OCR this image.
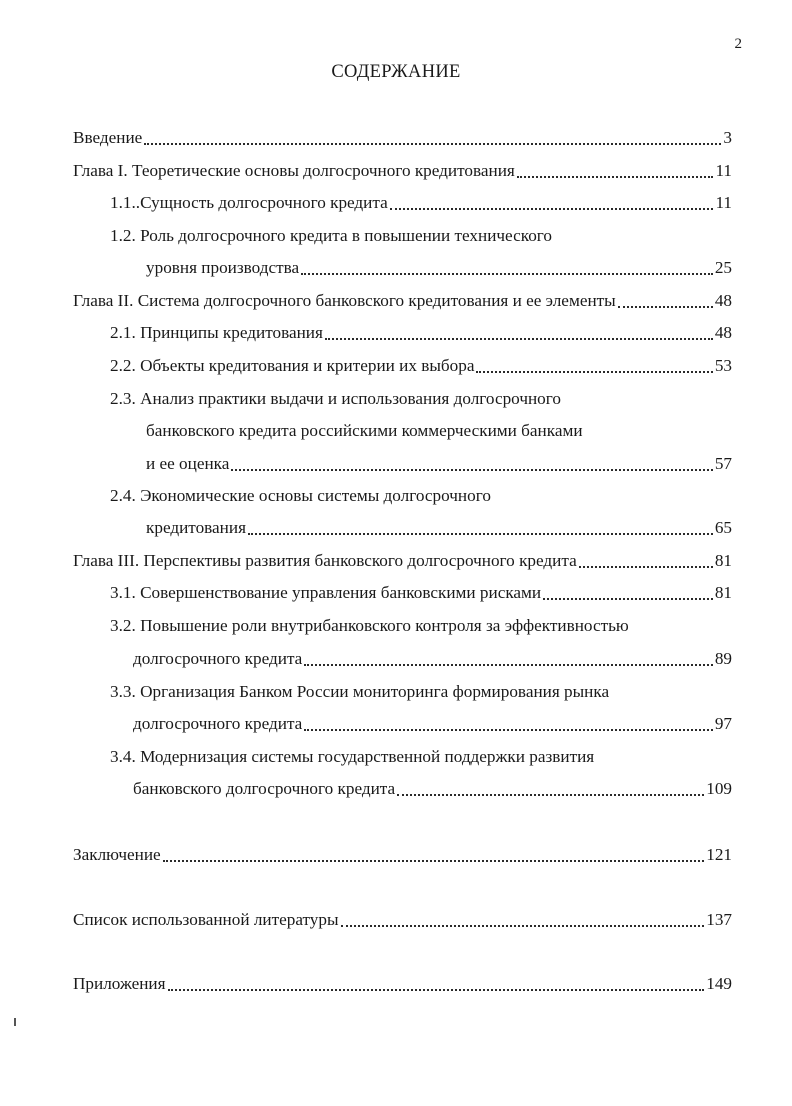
2
СОДЕРЖАНИЕ
Введение	3
Глава I. Теоретические основы долгосрочного кредитования	11
1.1..Сущность долгосрочного кредита	11
1.2. Роль долгосрочного кредита в повышении технического
уровня производства	25
Глава II. Система долгосрочного банковского кредитования и ее элементы	48
2.1. Принципы кредитования	48
2.2. Объекты кредитования и критерии их выбора	53
2.3. Анализ практики выдачи и использования долгосрочного
банковского кредита российскими коммерческими банками
и ее оценка	57
2.4. Экономические основы системы долгосрочного
кредитования	65
Глава III. Перспективы развития банковского долгосрочного кредита	81
3.1. Совершенствование управления банковскими рисками	81
3.2. Повышение роли внутрибанковского контроля за эффективностью
долгосрочного кредита	89
3.3. Организация Банком России мониторинга формирования рынка
долгосрочного кредита	97
3.4. Модернизация системы государственной поддержки развития
банковского долгосрочного кредита	109
Заключение	121
Список использованной литературы	137
Приложения	149
